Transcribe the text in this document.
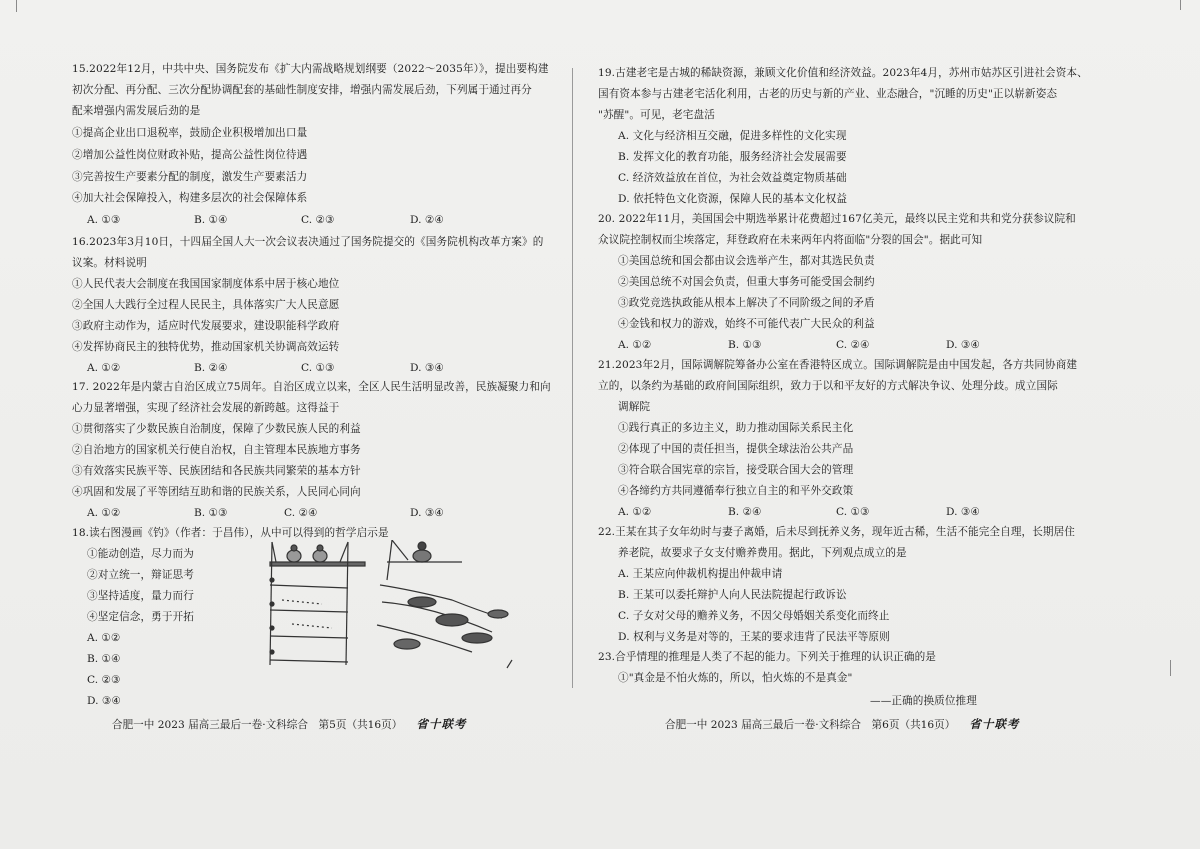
15.2022年12月，中共中央、国务院发布《扩大内需战略规划纲要（2022～2035年）》，提出要构建
初次分配、再分配、三次分配协调配套的基础性制度安排，增强内需发展后劲，下列属于通过再分
配来增强内需发展后劲的是
①提高企业出口退税率，鼓励企业积极增加出口量
②增加公益性岗位财政补贴，提高公益性岗位待遇
③完善按生产要素分配的制度，激发生产要素活力
④加大社会保障投入，构建多层次的社会保障体系
A. ①③	B. ①④	C. ②③	D. ②④
16.2023年3月10日，十四届全国人大一次会议表决通过了国务院提交的《国务院机构改革方案》的
议案。材料说明
①人民代表大会制度在我国国家制度体系中居于核心地位
②全国人大践行全过程人民民主，具体落实广大人民意愿
③政府主动作为，适应时代发展要求，建设职能科学政府
④发挥协商民主的独特优势，推动国家机关协调高效运转
A. ①②	B. ②④	C. ①③	D. ③④
17. 2022年是内蒙古自治区成立75周年。自治区成立以来，全区人民生活明显改善，民族凝聚力和向
心力显著增强，实现了经济社会发展的新跨越。这得益于
①贯彻落实了少数民族自治制度，保障了少数民族人民的利益
②自治地方的国家机关行使自治权，自主管理本民族地方事务
③有效落实民族平等、民族团结和各民族共同繁荣的基本方针
④巩固和发展了平等团结互助和谐的民族关系，人民同心同向
A. ①②	B. ①③	C. ②④	D. ③④
18.读右图漫画《钓》（作者：于昌伟），从中可以得到的哲学启示是
①能动创造，尽力而为
②对立统一，辩证思考
③坚持适度，量力而行
④坚定信念，勇于开拓
A. ①②
B. ①④
C. ②③
D. ③④
合肥一中 2023 届高三最后一卷·文科综合　第5页（共16页） 省十联考
19.古建老宅是古城的稀缺资源，兼顾文化价值和经济效益。2023年4月，苏州市姑苏区引进社会资本、
国有资本参与古建老宅活化利用，古老的历史与新的产业、业态融合，"沉睡的历史"正以崭新姿态
"苏醒"。可见，老宅盘活
A. 文化与经济相互交融，促进多样性的文化实现
B. 发挥文化的教育功能，服务经济社会发展需要
C. 经济效益放在首位，为社会效益奠定物质基础
D. 依托特色文化资源，保障人民的基本文化权益
20. 2022年11月，美国国会中期选举累计花费超过167亿美元，最终以民主党和共和党分获参议院和
众议院控制权而尘埃落定，拜登政府在未来两年内将面临"分裂的国会"。据此可知
①美国总统和国会都由议会选举产生，都对其选民负责
②美国总统不对国会负责，但重大事务可能受国会制约
③政党竞选执政能从根本上解决了不同阶级之间的矛盾
④金钱和权力的游戏，始终不可能代表广大民众的利益
A. ①②	B. ①③	C. ②④	D. ③④
21.2023年2月，国际调解院筹备办公室在香港特区成立。国际调解院是由中国发起，各方共同协商建
立的，以条约为基础的政府间国际组织，致力于以和平友好的方式解决争议、处理分歧。成立国际
调解院
①践行真正的多边主义，助力推动国际关系民主化
②体现了中国的责任担当，提供全球法治公共产品
③符合联合国宪章的宗旨，接受联合国大会的管理
④各缔约方共同遵循奉行独立自主的和平外交政策
A. ①②	B. ②④	C. ①③	D. ③④
22.王某在其子女年幼时与妻子离婚，后未尽到抚养义务，现年近古稀，生活不能完全自理，长期居住
养老院，故要求子女支付赡养费用。据此，下列观点成立的是
A. 王某应向仲裁机构提出仲裁申请
B. 王某可以委托辩护人向人民法院提起行政诉讼
C. 子女对父母的赡养义务，不因父母婚姻关系变化而终止
D. 权利与义务是对等的，王某的要求违背了民法平等原则
23.合乎情理的推理是人类了不起的能力。下列关于推理的认识正确的是
①"真金是不怕火炼的，所以，怕火炼的不是真金"
——正确的换质位推理
合肥一中 2023 届高三最后一卷·文科综合　第6页（共16页） 省十联考
